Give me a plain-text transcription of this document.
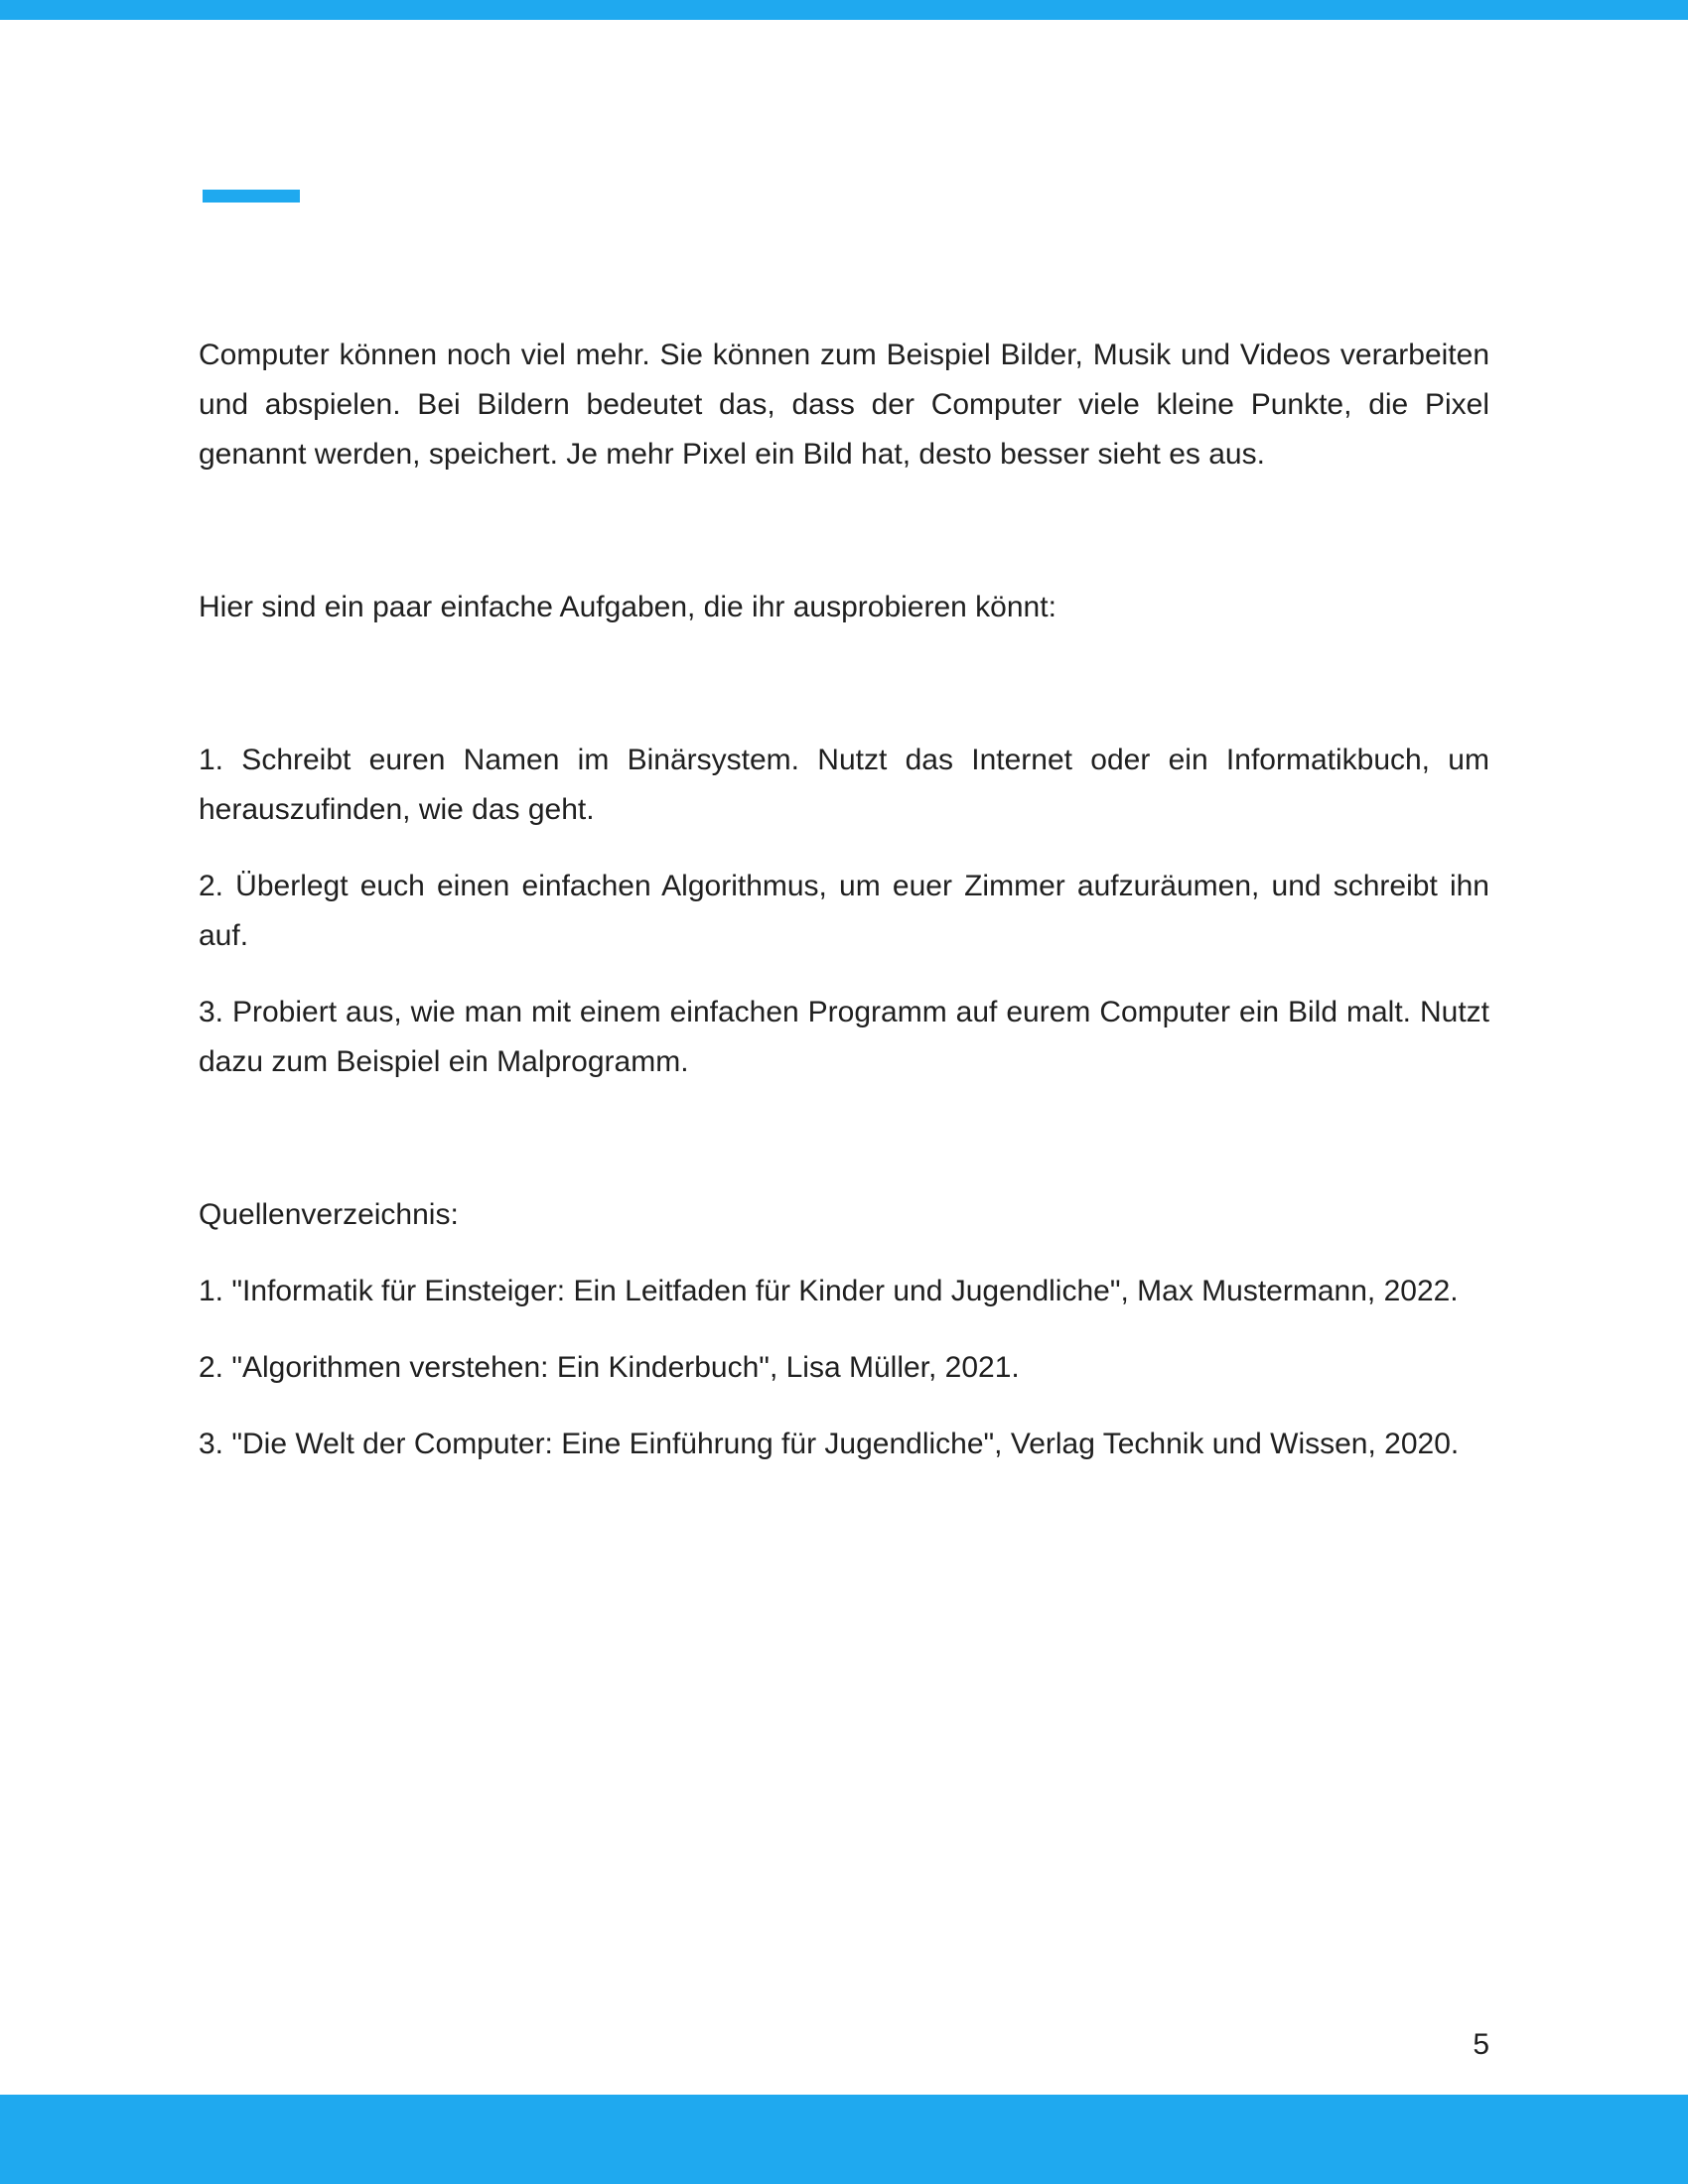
Computer können noch viel mehr. Sie können zum Beispiel Bilder, Musik und Videos verarbeiten und abspielen. Bei Bildern bedeutet das, dass der Computer viele kleine Punkte, die Pixel genannt werden, speichert. Je mehr Pixel ein Bild hat, desto besser sieht es aus.

Hier sind ein paar einfache Aufgaben, die ihr ausprobieren könnt:

1. Schreibt euren Namen im Binärsystem. Nutzt das Internet oder ein Informatikbuch, um herauszufinden, wie das geht.

2. Überlegt euch einen einfachen Algorithmus, um euer Zimmer aufzuräumen, und schreibt ihn auf.

3. Probiert aus, wie man mit einem einfachen Programm auf eurem Computer ein Bild malt. Nutzt dazu zum Beispiel ein Malprogramm.

Quellenverzeichnis:

1. "Informatik für Einsteiger: Ein Leitfaden für Kinder und Jugendliche", Max Mustermann, 2022.

2. "Algorithmen verstehen: Ein Kinderbuch", Lisa Müller, 2021.

3. "Die Welt der Computer: Eine Einführung für Jugendliche", Verlag Technik und Wissen, 2020.

5
